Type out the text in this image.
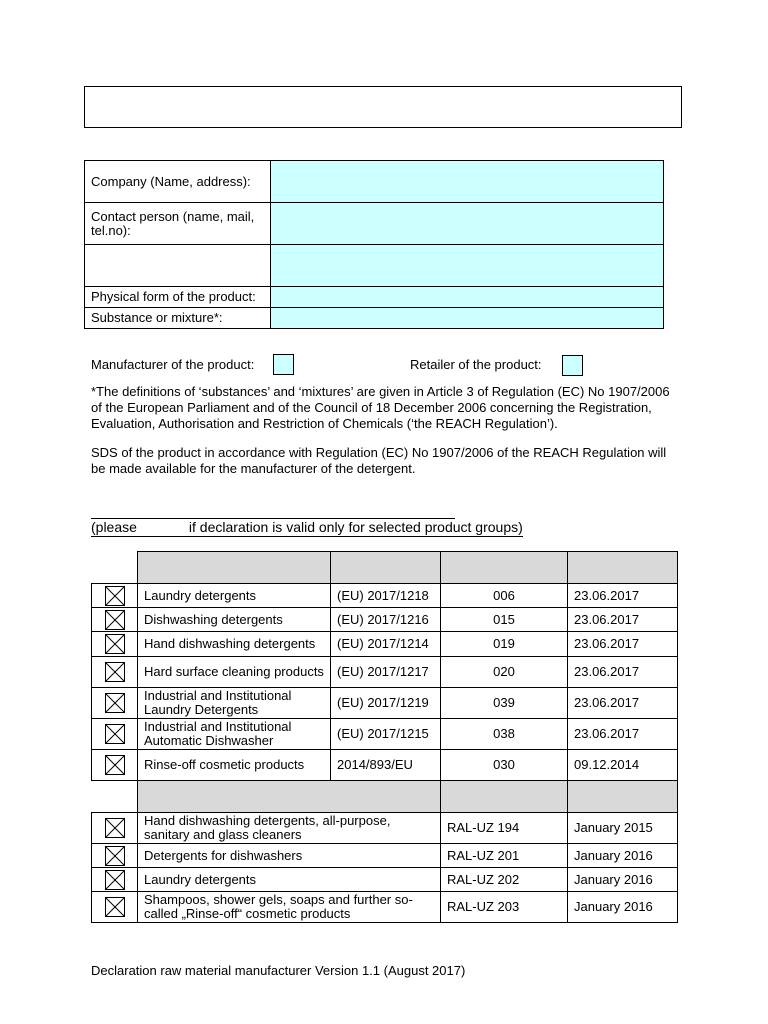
Company (Name, address):	
Contact person (name, mail, tel.no):	

Physical form of the product:	
Substance or mixture*:	
Manufacturer of the product:	Retailer of the product:
*The definitions of ‘substances’ and ‘mixtures’ are given in Article 3 of Regulation (EC) No 1907/2006 of the European Parliament and of the Council of 18 December 2006 concerning the Registration, Evaluation, Authorisation and Restriction of Chemicals (‘the REACH Regulation’).
SDS of the product in accordance with Regulation (EC) No 1907/2006 of the REACH Regulation will be made available for the manufacturer of the detergent.
(please	if declaration is valid only for selected product groups)

	Laundry detergents	(EU) 2017/1218	006	23.06.2017
	Dishwashing detergents	(EU) 2017/1216	015	23.06.2017
	Hand dishwashing detergents	(EU) 2017/1214	019	23.06.2017
	Hard surface cleaning products	(EU) 2017/1217	020	23.06.2017
	Industrial and Institutional Laundry Detergents	(EU) 2017/1219	039	23.06.2017
	Industrial and Institutional Automatic Dishwasher	(EU) 2017/1215	038	23.06.2017
	Rinse-off cosmetic products	2014/893/EU	030	09.12.2014

	Hand dishwashing detergents, all-purpose, sanitary and glass cleaners		RAL-UZ 194	January 2015
	Detergents for dishwashers		RAL-UZ 201	January 2016
	Laundry detergents		RAL-UZ 202	January 2016
	Shampoos, shower gels, soaps and further so-called „Rinse-off“ cosmetic products		RAL-UZ 203	January 2016
Declaration raw material manufacturer Version 1.1 (August 2017)
